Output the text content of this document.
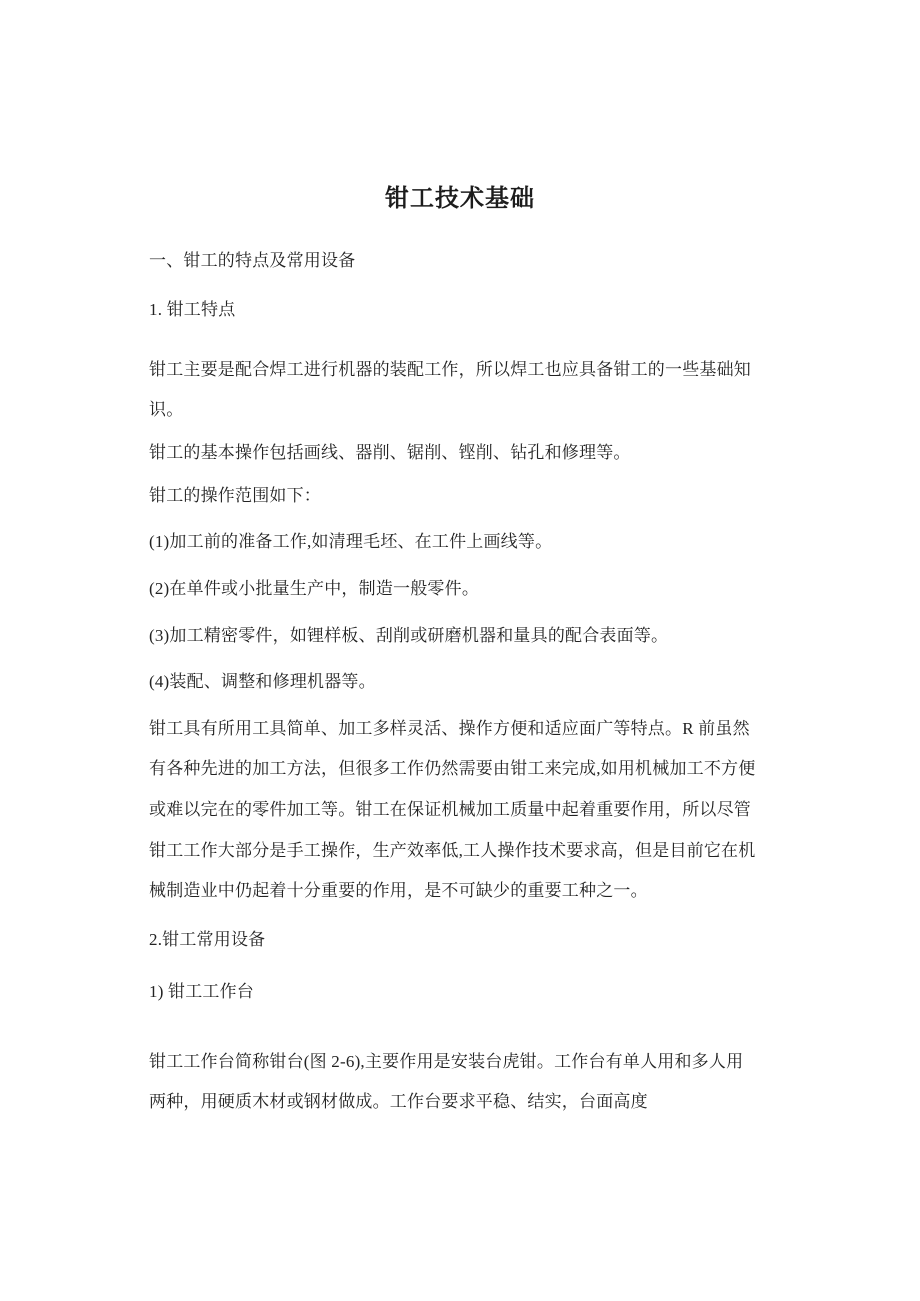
钳工技术基础
一、钳工的特点及常用设备
1. 钳工特点
钳工主要是配合焊工进行机器的装配工作，所以焊工也应具备钳工的一些基础知
识。
钳工的基本操作包括画线、器削、锯削、铿削、钻孔和修理等。
钳工的操作范围如下：
(1)加工前的准备工作,如清理毛坯、在工件上画线等。
(2)在单件或小批量生产中，制造一般零件。
(3)加工精密零件，如锂样板、刮削或研磨机器和量具的配合表面等。
(4)装配、调整和修理机器等。
钳工具有所用工具简单、加工多样灵活、操作方便和适应面广等特点。R 前虽然
有各种先进的加工方法，但很多工作仍然需要由钳工来完成,如用机械加工不方便
或难以完在的零件加工等。钳工在保证机械加工质量中起着重要作用，所以尽管
钳工工作大部分是手工操作，生产效率低,工人操作技术要求高，但是目前它在机
械制造业中仍起着十分重要的作用，是不可缺少的重要工种之一。
2.钳工常用设备
1) 钳工工作台
钳工工作台简称钳台(图 2-6),主要作用是安装台虎钳。工作台有单人用和多人用
两种，用硬质木材或钢材做成。工作台要求平稳、结实，台面高度
